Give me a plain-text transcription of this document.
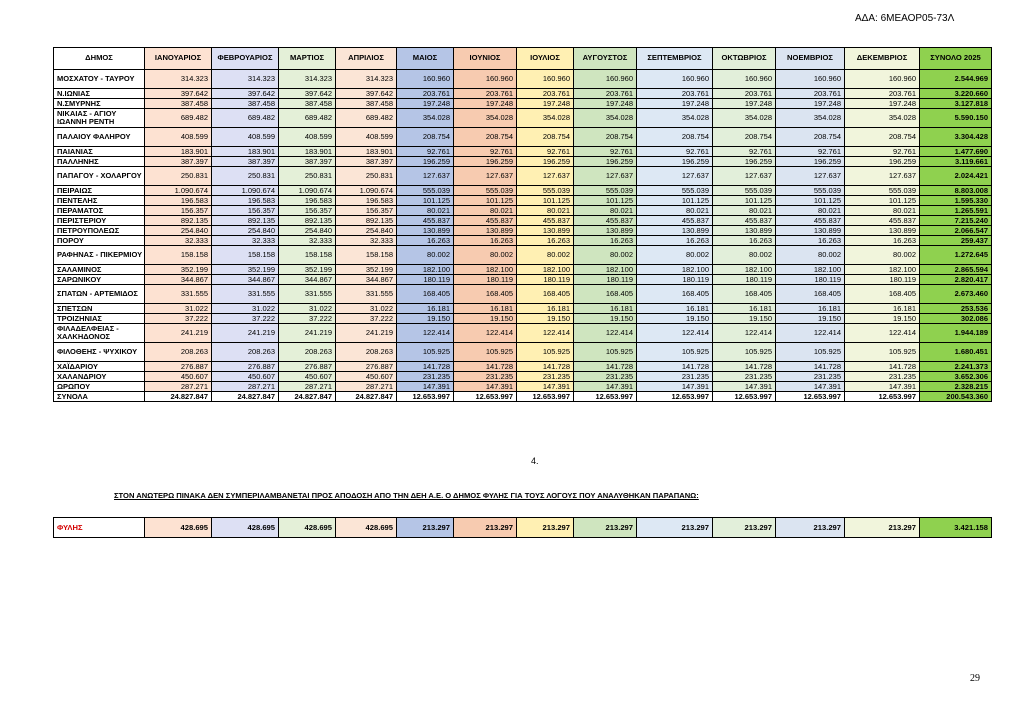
ΑΔΑ: 6ΜΕΑΟΡ05-73Λ
ΔΗΜΟΣ	ΙΑΝΟΥΑΡΙΟΣ	ΦΕΒΡΟΥΑΡΙΟΣ	ΜΑΡΤΙΟΣ	ΑΠΡΙΛΙΟΣ	ΜΑΙΟΣ	ΙΟΥΝΙΟΣ	ΙΟΥΛΙΟΣ	ΑΥΓΟΥΣΤΟΣ	ΣΕΠΤΕΜΒΡΙΟΣ	ΟΚΤΩΒΡΙΟΣ	ΝΟΕΜΒΡΙΟΣ	ΔΕΚΕΜΒΡΙΟΣ	ΣΥΝΟΛΟ 2025
ΜΟΣΧΑΤΟΥ - ΤΑΥΡΟΥ	314.323	314.323	314.323	314.323	160.960	160.960	160.960	160.960	160.960	160.960	160.960	160.960	2.544.969
Ν.ΙΩΝΙΑΣ	397.642	397.642	397.642	397.642	203.761	203.761	203.761	203.761	203.761	203.761	203.761	203.761	3.220.660
Ν.ΣΜΥΡΝΗΣ	387.458	387.458	387.458	387.458	197.248	197.248	197.248	197.248	197.248	197.248	197.248	197.248	3.127.818
ΝΙΚΑΙΑΣ - ΑΓΙΟΥ ΙΩΑΝΝΗ ΡΕΝΤΗ	689.482	689.482	689.482	689.482	354.028	354.028	354.028	354.028	354.028	354.028	354.028	354.028	5.590.150
ΠΑΛΑΙΟΥ ΦΑΛΗΡΟΥ	408.599	408.599	408.599	408.599	208.754	208.754	208.754	208.754	208.754	208.754	208.754	208.754	3.304.428
ΠΑΙΑΝΙΑΣ	183.901	183.901	183.901	183.901	92.761	92.761	92.761	92.761	92.761	92.761	92.761	92.761	1.477.690
ΠΑΛΛΗΝΗΣ	387.397	387.397	387.397	387.397	196.259	196.259	196.259	196.259	196.259	196.259	196.259	196.259	3.119.661
ΠΑΠΑΓΟΥ - ΧΟΛΑΡΓΟΥ	250.831	250.831	250.831	250.831	127.637	127.637	127.637	127.637	127.637	127.637	127.637	127.637	2.024.421
ΠΕΙΡΑΙΩΣ	1.090.674	1.090.674	1.090.674	1.090.674	555.039	555.039	555.039	555.039	555.039	555.039	555.039	555.039	8.803.008
ΠΕΝΤΕΛΗΣ	196.583	196.583	196.583	196.583	101.125	101.125	101.125	101.125	101.125	101.125	101.125	101.125	1.595.330
ΠΕΡΑΜΑΤΟΣ	156.357	156.357	156.357	156.357	80.021	80.021	80.021	80.021	80.021	80.021	80.021	80.021	1.265.591
ΠΕΡΙΣΤΕΡΙΟΥ	892.135	892.135	892.135	892.135	455.837	455.837	455.837	455.837	455.837	455.837	455.837	455.837	7.215.240
ΠΕΤΡΟΥΠΟΛΕΩΣ	254.840	254.840	254.840	254.840	130.899	130.899	130.899	130.899	130.899	130.899	130.899	130.899	2.066.547
ΠΟΡΟΥ	32.333	32.333	32.333	32.333	16.263	16.263	16.263	16.263	16.263	16.263	16.263	16.263	259.437
ΡΑΦΗΝΑΣ - ΠΙΚΕΡΜΙΟΥ	158.158	158.158	158.158	158.158	80.002	80.002	80.002	80.002	80.002	80.002	80.002	80.002	1.272.645
ΣΑΛΑΜΙΝΟΣ	352.199	352.199	352.199	352.199	182.100	182.100	182.100	182.100	182.100	182.100	182.100	182.100	2.865.594
ΣΑΡΩΝΙΚΟΥ	344.867	344.867	344.867	344.867	180.119	180.119	180.119	180.119	180.119	180.119	180.119	180.119	2.820.417
ΣΠΑΤΩΝ - ΑΡΤΕΜΙΔΟΣ	331.555	331.555	331.555	331.555	168.405	168.405	168.405	168.405	168.405	168.405	168.405	168.405	2.673.460
ΣΠΕΤΣΩΝ	31.022	31.022	31.022	31.022	16.181	16.181	16.181	16.181	16.181	16.181	16.181	16.181	253.536
ΤΡΟΙΖΗΝΙΑΣ	37.222	37.222	37.222	37.222	19.150	19.150	19.150	19.150	19.150	19.150	19.150	19.150	302.086
ΦΙΛΑΔΕΛΦΕΙΑΣ - ΧΑΛΚΗΔΟΝΟΣ	241.219	241.219	241.219	241.219	122.414	122.414	122.414	122.414	122.414	122.414	122.414	122.414	1.944.189
ΦΙΛΟΘΕΗΣ - ΨΥΧΙΚΟΥ	208.263	208.263	208.263	208.263	105.925	105.925	105.925	105.925	105.925	105.925	105.925	105.925	1.680.451
ΧΑΪΔΑΡΙΟΥ	276.887	276.887	276.887	276.887	141.728	141.728	141.728	141.728	141.728	141.728	141.728	141.728	2.241.373
ΧΑΛΑΝΔΡΙΟΥ	450.607	450.607	450.607	450.607	231.235	231.235	231.235	231.235	231.235	231.235	231.235	231.235	3.652.306
ΩΡΩΠΟΥ	287.271	287.271	287.271	287.271	147.391	147.391	147.391	147.391	147.391	147.391	147.391	147.391	2.328.215
ΣΥΝΟΛΑ	24.827.847	24.827.847	24.827.847	24.827.847	12.653.997	12.653.997	12.653.997	12.653.997	12.653.997	12.653.997	12.653.997	12.653.997	200.543.360
4.
ΣΤΟΝ ΑΝΩΤΕΡΩ ΠΙΝΑΚΑ ΔΕΝ ΣΥΜΠΕΡΙΛΑΜΒΑΝΕΤΑΙ ΠΡΟΣ ΑΠΟΔΟΣΗ ΑΠΟ ΤΗΝ ΔΕΗ Α.Ε. Ο ΔΗΜΟΣ ΦΥΛΗΣ ΓΙΑ ΤΟΥΣ ΛΟΓΟΥΣ ΠΟΥ ΑΝΑΛΥΘΗΚΑΝ ΠΑΡΑΠΑΝΩ:
ΦΥΛΗΣ	428.695	428.695	428.695	428.695	213.297	213.297	213.297	213.297	213.297	213.297	213.297	213.297	3.421.158
29
